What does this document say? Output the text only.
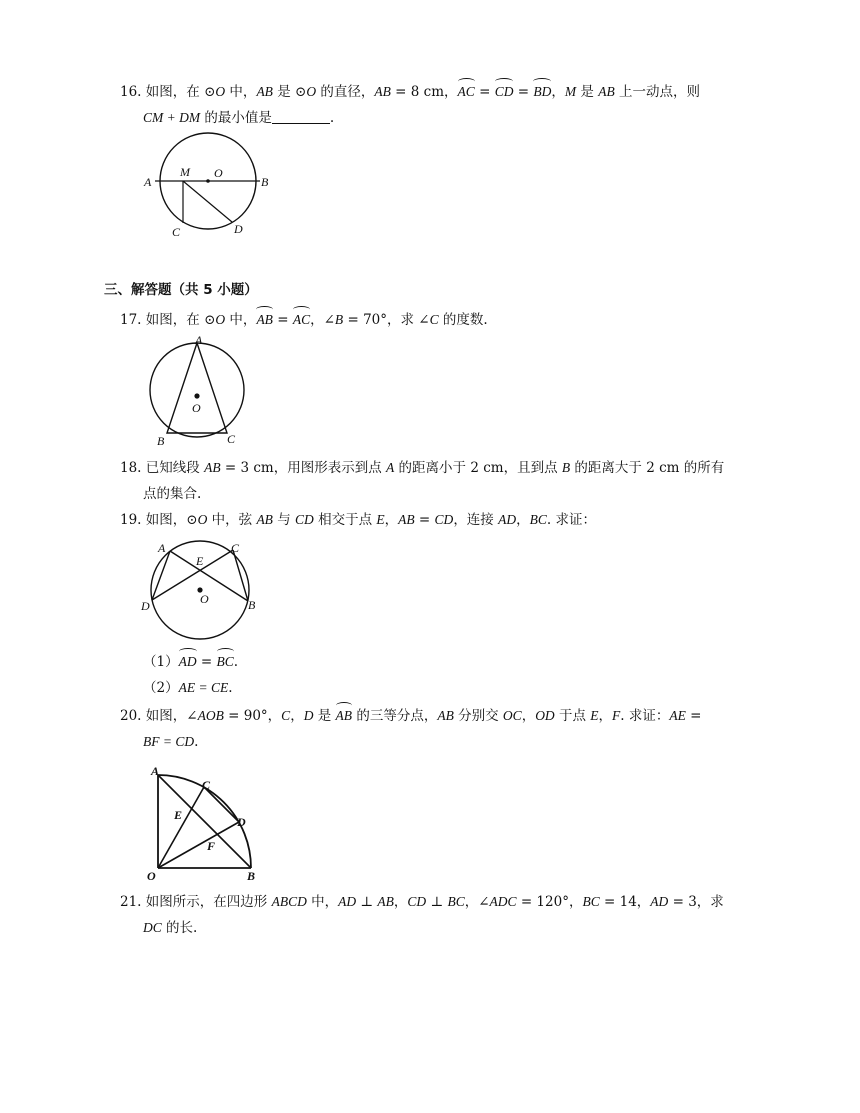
16. 如图，在 ⊙O 中，AB 是 ⊙O 的直径，AB = 8 cm，AC = CD = BD，M 是 AB 上一动点，则
CM + DM 的最小值是	.
A
M O
B
C	D
三、解答题（共 5 小题）
17. 如图，在 ⊙O 中，AB = AC，∠B = 70°，求 ∠C 的度数.
A
O
B	C
18. 已知线段 AB = 3 cm，用图形表示到点 A 的距离小于 2 cm，且到点 B 的距离大于 2 cm 的所有
点的集合.
19. 如图，⊙O 中，弦 AB 与 CD 相交于点 E，AB = CD，连接 AD，BC. 求证：
A
E
C
O
D	B
（1）AD = BC.
（2）AE = CE.
20. 如图，∠AOB = 90°，C，D 是 AB 的三等分点，AB 分别交 OC，OD 于点 E，F. 求证：AE =
BF = CD.
A
C
E	D
F
O	B
21. 如图所示，在四边形 ABCD 中，AD ⊥ AB，CD ⊥ BC，∠ADC = 120°，BC = 14，AD = 3，求
DC 的长.
